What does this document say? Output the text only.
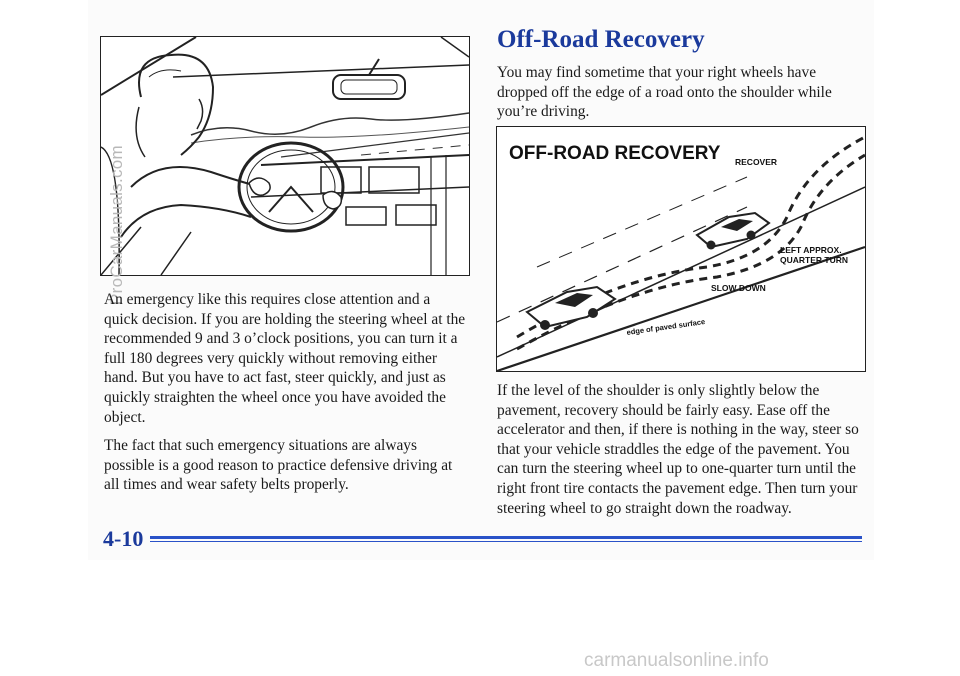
ProCarManuals.com

An emergency like this requires close attention and a quick decision. If you are holding the steering wheel at the recommended 9 and 3 o’clock positions, you can turn it a full 180 degrees very quickly without removing either hand. But you have to act fast, steer quickly, and just as quickly straighten the wheel once you have avoided the object.

The fact that such emergency situations are always possible is a good reason to practice defensive driving at all times and wear safety belts properly.

Off-Road Recovery

You may find sometime that your right wheels have dropped off the edge of a road onto the shoulder while you’re driving.

OFF-ROAD RECOVERY RECOVER
LEFT APPROX.
QUARTER TURN
SLOW DOWN
edge of paved surface

If the level of the shoulder is only slightly below the pavement, recovery should be fairly easy. Ease off the accelerator and then, if there is nothing in the way, steer so that your vehicle straddles the edge of the pavement. You can turn the steering wheel up to one-quarter turn until the right front tire contacts the pavement edge. Then turn your steering wheel to go straight down the roadway.

4-10
carmanualsonline.info
